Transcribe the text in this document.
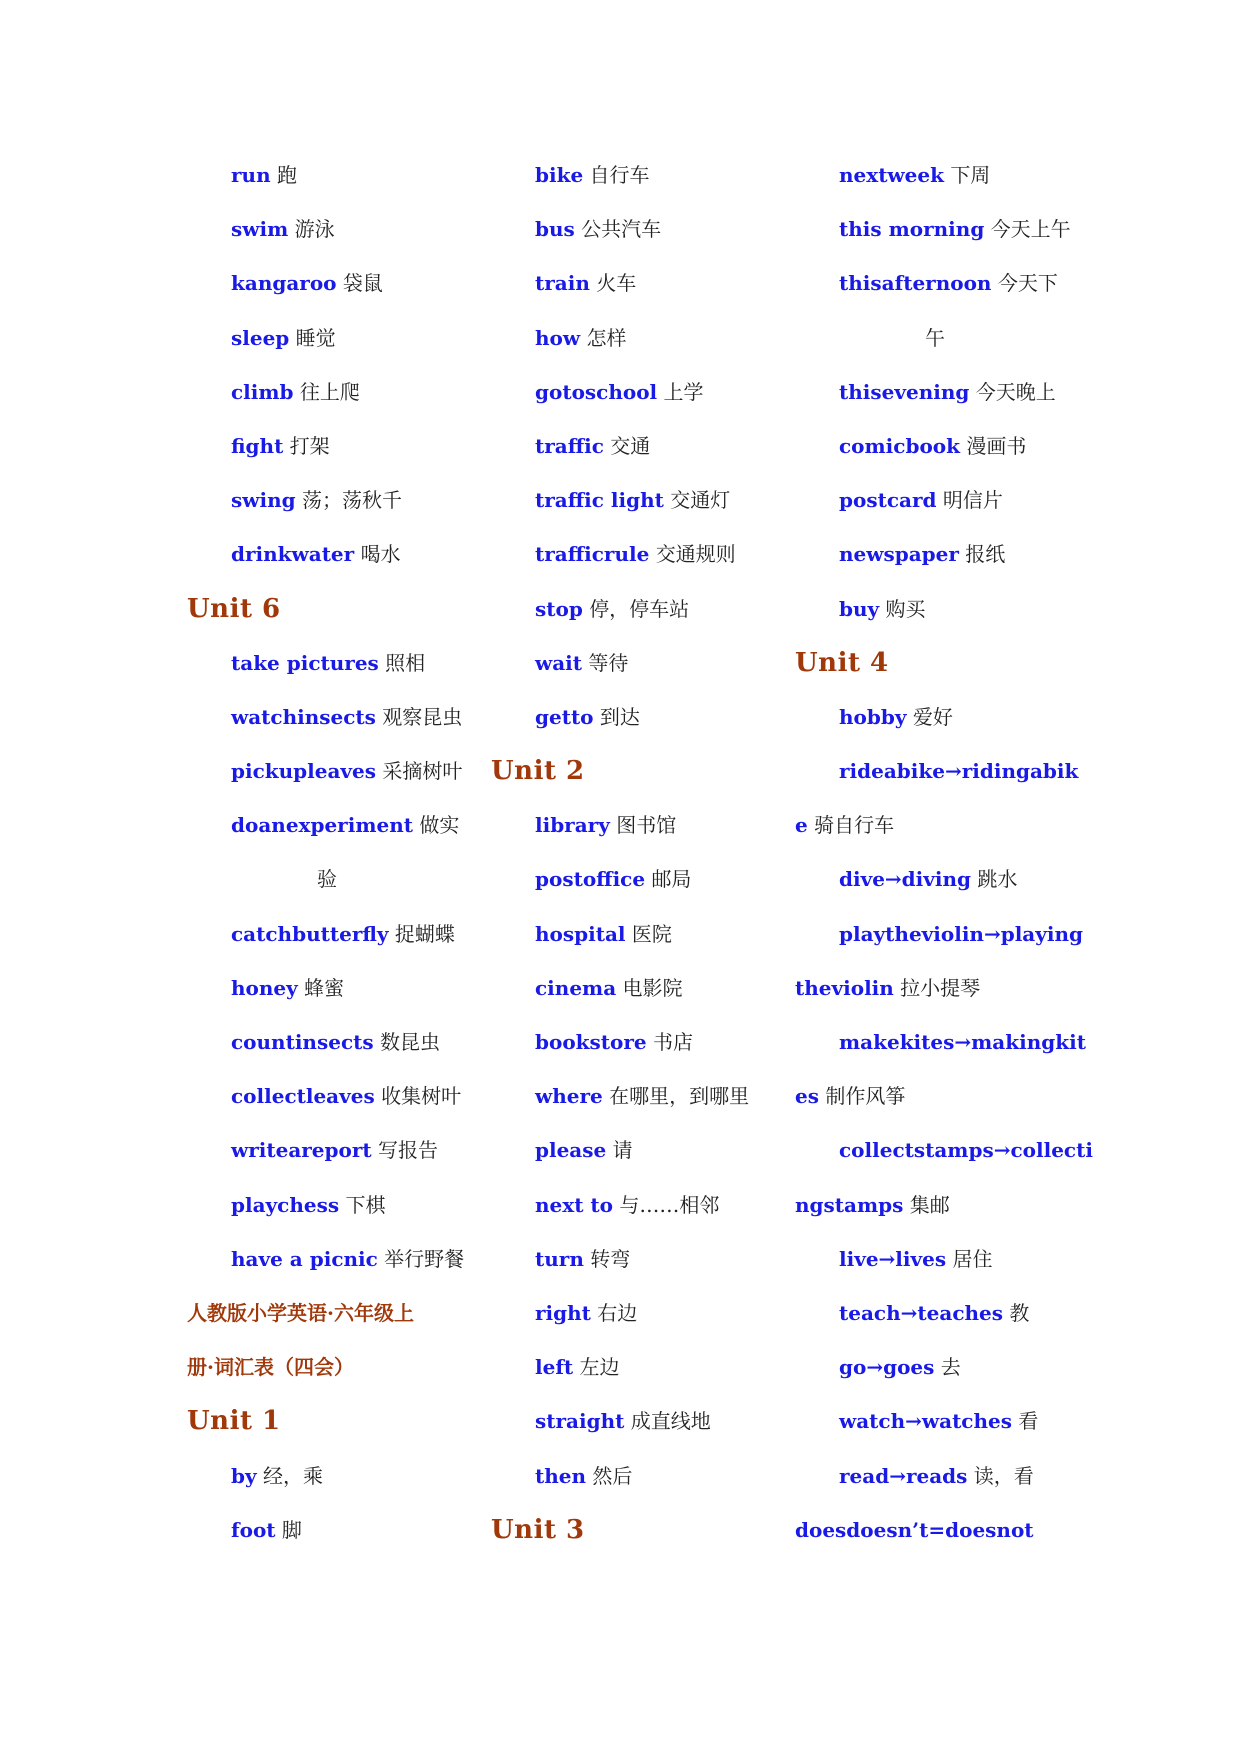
run 跑
swim 游泳
kangaroo 袋鼠
sleep 睡觉
climb 往上爬
fight 打架
swing 荡；荡秋千
drinkwater 喝水
Unit 6
take pictures 照相
watchinsects 观察昆虫
pickupleaves 采摘树叶
doanexperiment 做实
验
catchbutterfly 捉蝴蝶
honey 蜂蜜
countinsects 数昆虫
collectleaves 收集树叶
writeareport 写报告
playchess 下棋
have a picnic 举行野餐
人教版小学英语·六年级上
册·词汇表（四会）
Unit 1
by 经，乘
foot 脚
bike 自行车
bus 公共汽车
train 火车
how 怎样
gotoschool 上学
traffic 交通
traffic light 交通灯
trafficrule 交通规则
stop 停，停车站
wait 等待
getto 到达
Unit 2
library 图书馆
postoffice 邮局
hospital 医院
cinema 电影院
bookstore 书店
where 在哪里，到哪里
please 请
next to 与……相邻
turn 转弯
right 右边
left 左边
straight 成直线地
then 然后
Unit 3
nextweek 下周
this morning 今天上午
thisafternoon 今天下
午
thisevening 今天晚上
comicbook 漫画书
postcard 明信片
newspaper 报纸
buy 购买
Unit 4
hobby 爱好
rideabike→ridingabik
e 骑自行车
dive→diving 跳水
playtheviolin→playing
theviolin 拉小提琴
makekites→makingkit
es 制作风筝
collectstamps→collecti
ngstamps 集邮
live→lives 居住
teach→teaches 教
go→goes 去
watch→watches 看
read→reads 读，看
doesdoesn’t=doesnot
